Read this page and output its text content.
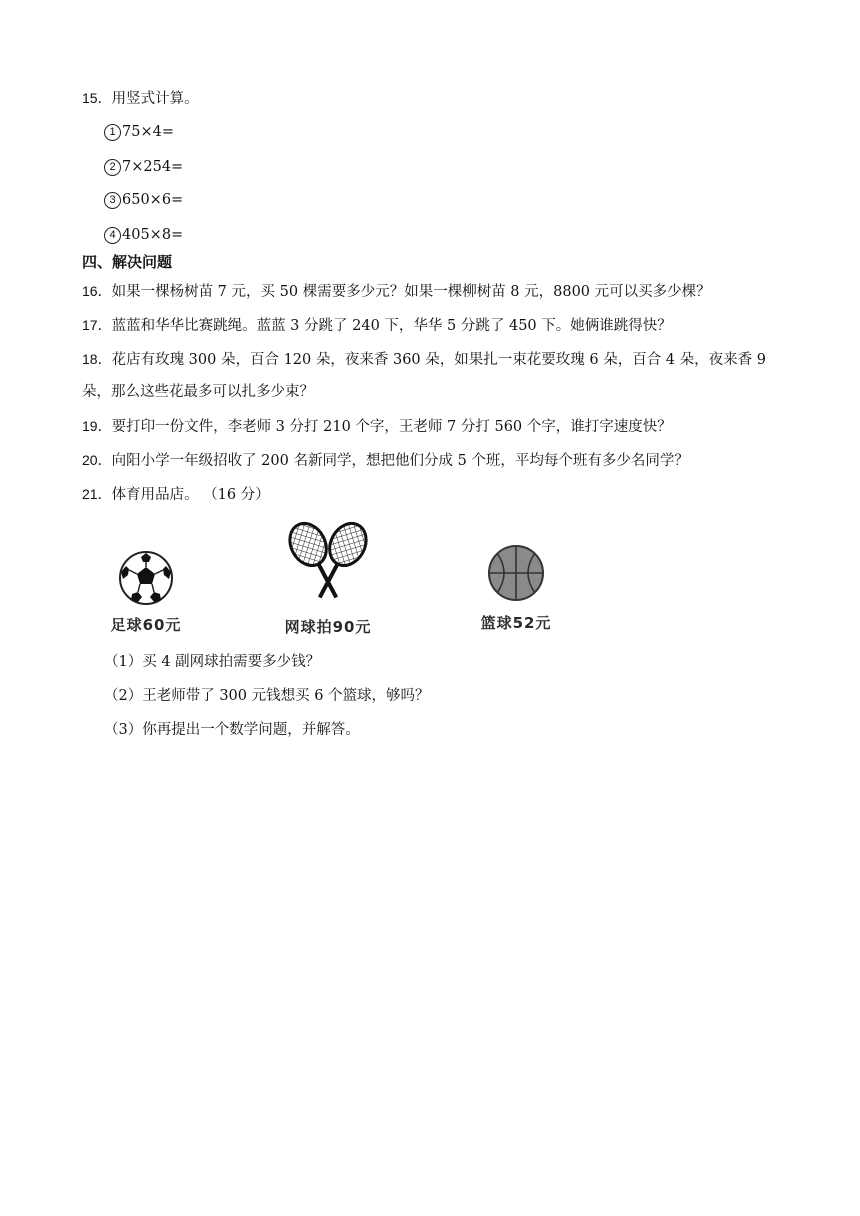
15．用竖式计算。
1 75×4=
2 7×254=
3 650×6=
4 405×8=
四、解决问题
16．如果一棵杨树苗 7 元，买 50 棵需要多少元？如果一棵柳树苗 8 元，8800 元可以买多少棵？
17．蓝蓝和华华比赛跳绳。蓝蓝 3 分跳了 240 下，华华 5 分跳了 450 下。她俩谁跳得快？
18．花店有玫瑰 300 朵，百合 120 朵，夜来香 360 朵，如果扎一束花要玫瑰 6 朵，百合 4 朵，夜来香 9
朵，那么这些花最多可以扎多少束？
19．要打印一份文件，李老师 3 分打 210 个字，王老师 7 分打 560 个字，谁打字速度快？
20．向阳小学一年级招收了 200 名新同学，想把他们分成 5 个班，平均每个班有多少名同学？
21．体育用品店。 （16 分）
足球60元	网球拍90元	篮球52元
（1）买 4 副网球拍需要多少钱？
（2）王老师带了 300 元钱想买 6 个篮球，够吗？
（3）你再提出一个数学问题，并解答。
